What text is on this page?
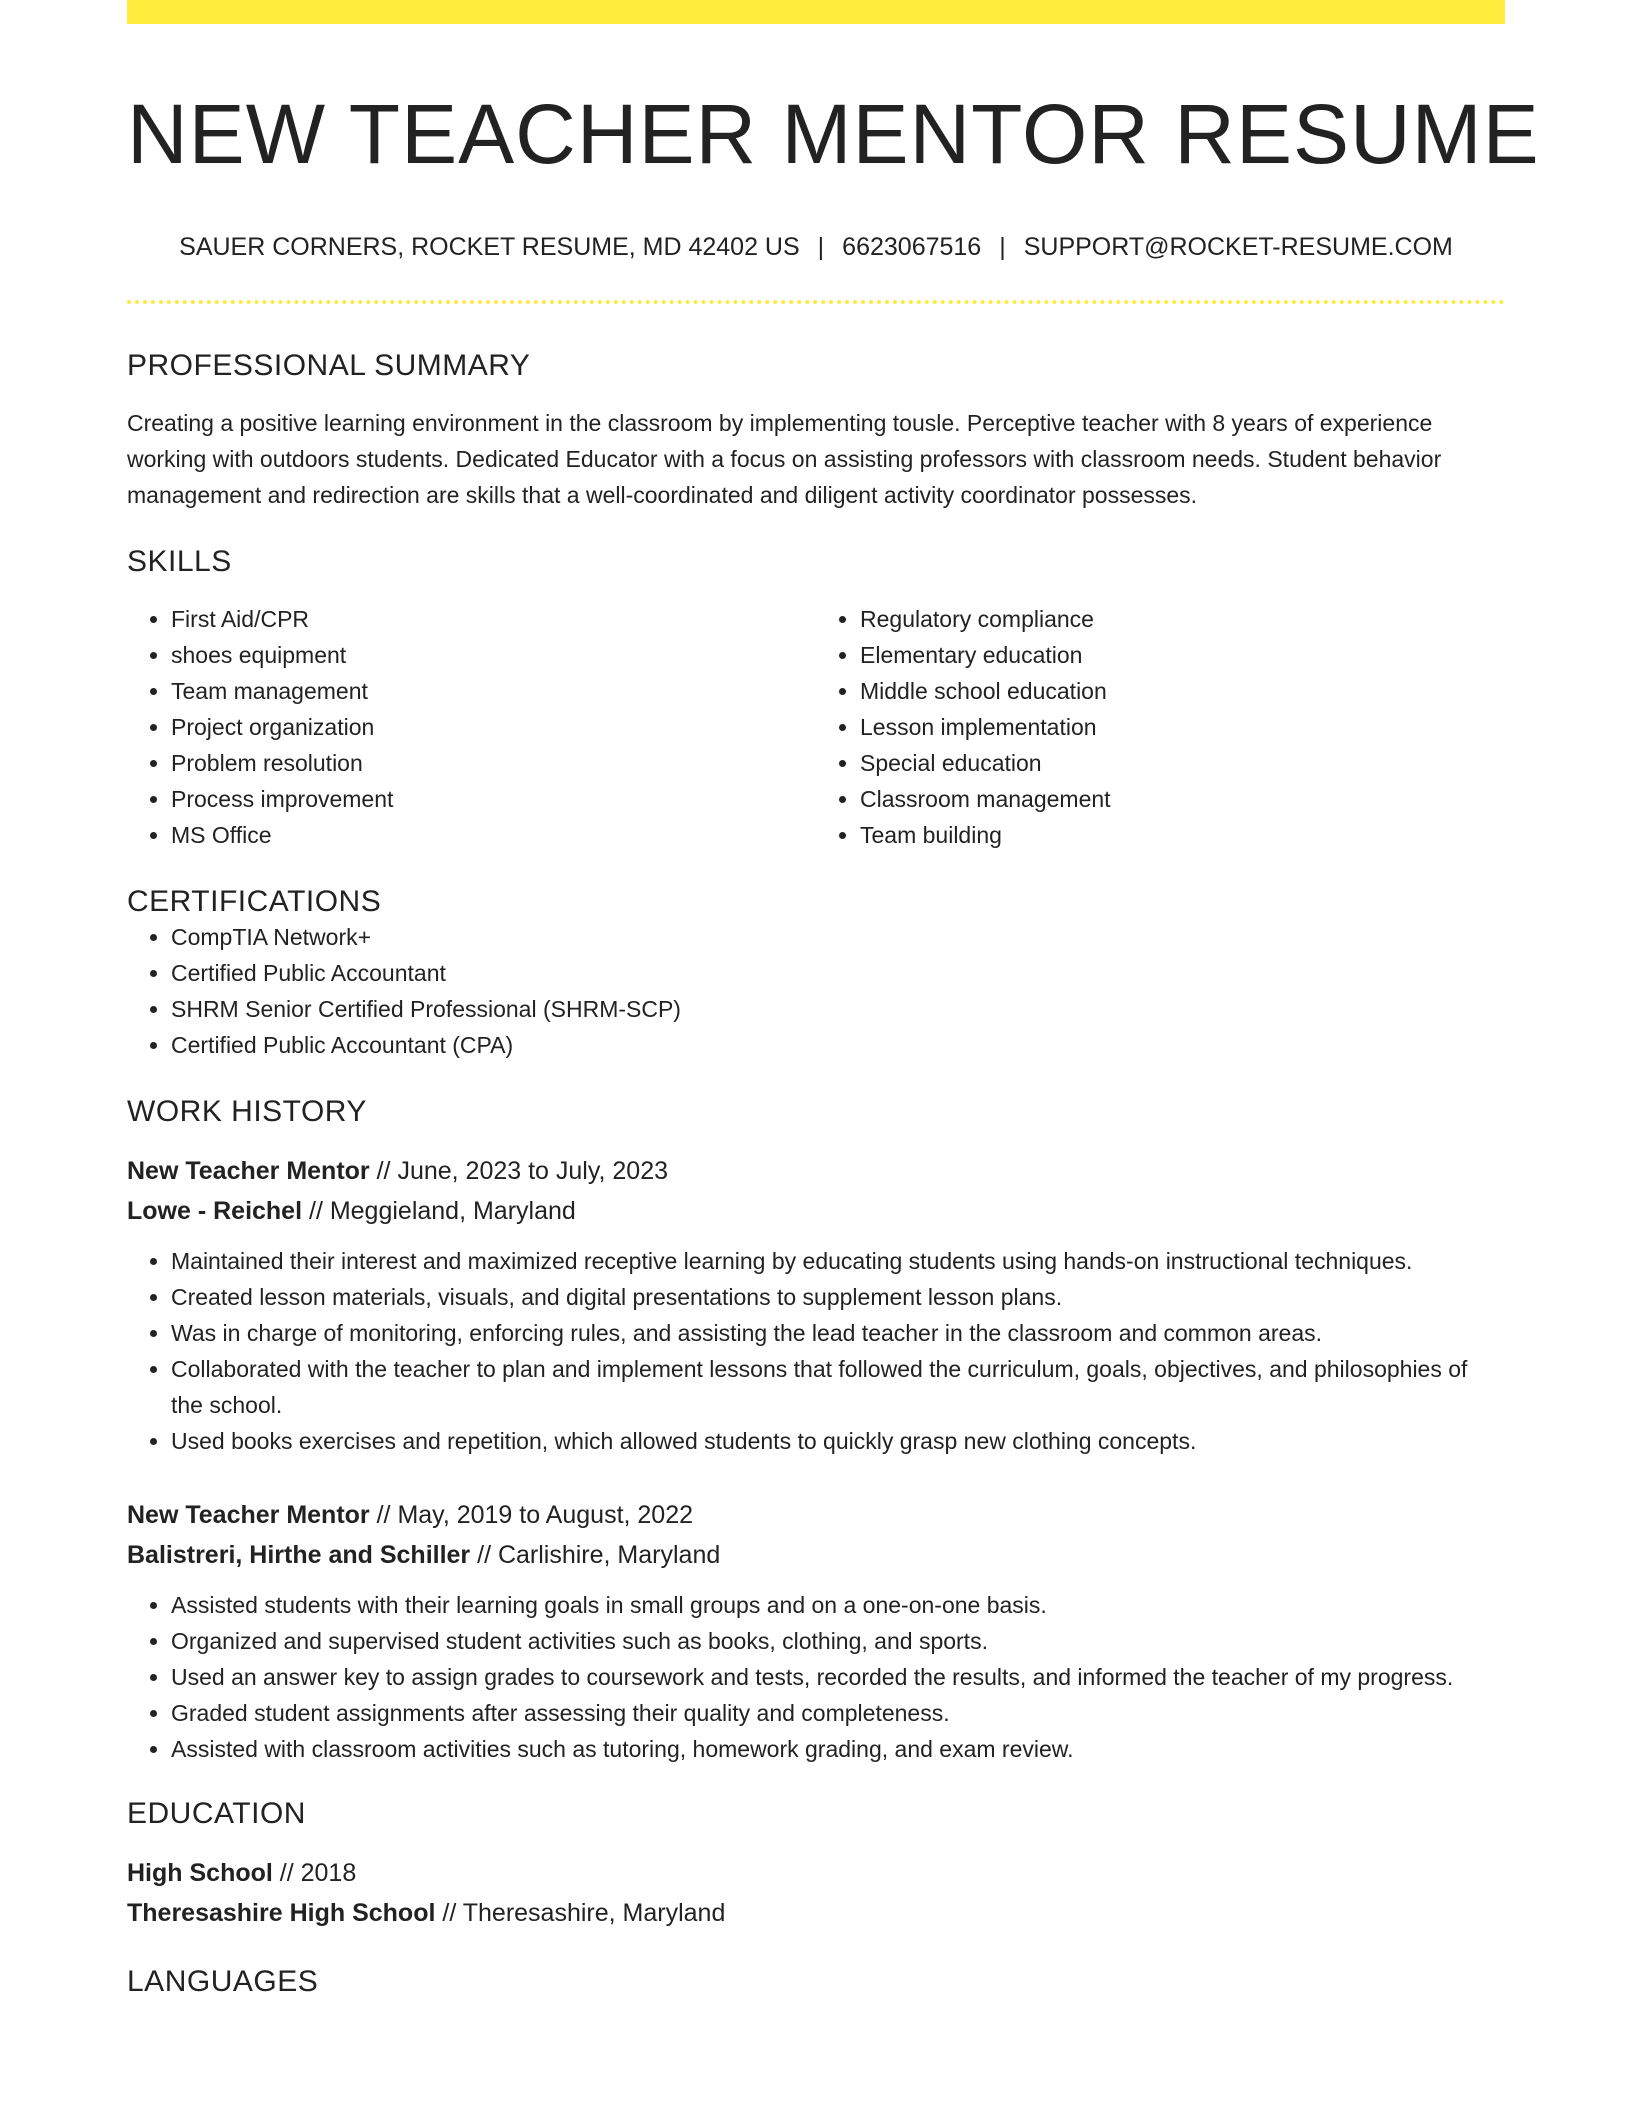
NEW TEACHER MENTOR RESUME
SAUER CORNERS, ROCKET RESUME, MD 42402 US | 6623067516 | SUPPORT@ROCKET-RESUME.COM
PROFESSIONAL SUMMARY
Creating a positive learning environment in the classroom by implementing tousle. Perceptive teacher with 8 years of experience working with outdoors students. Dedicated Educator with a focus on assisting professors with classroom needs. Student behavior management and redirection are skills that a well-coordinated and diligent activity coordinator possesses.
SKILLS
• First Aid/CPR
• shoes equipment
• Team management
• Project organization
• Problem resolution
• Process improvement
• MS Office
• Regulatory compliance
• Elementary education
• Middle school education
• Lesson implementation
• Special education
• Classroom management
• Team building
CERTIFICATIONS
• CompTIA Network+
• Certified Public Accountant
• SHRM Senior Certified Professional (SHRM-SCP)
• Certified Public Accountant (CPA)
WORK HISTORY
New Teacher Mentor // June, 2023 to July, 2023
Lowe - Reichel // Meggieland, Maryland
• Maintained their interest and maximized receptive learning by educating students using hands-on instructional techniques.
• Created lesson materials, visuals, and digital presentations to supplement lesson plans.
• Was in charge of monitoring, enforcing rules, and assisting the lead teacher in the classroom and common areas.
• Collaborated with the teacher to plan and implement lessons that followed the curriculum, goals, objectives, and philosophies of the school.
• Used books exercises and repetition, which allowed students to quickly grasp new clothing concepts.
New Teacher Mentor // May, 2019 to August, 2022
Balistreri, Hirthe and Schiller // Carlishire, Maryland
• Assisted students with their learning goals in small groups and on a one-on-one basis.
• Organized and supervised student activities such as books, clothing, and sports.
• Used an answer key to assign grades to coursework and tests, recorded the results, and informed the teacher of my progress.
• Graded student assignments after assessing their quality and completeness.
• Assisted with classroom activities such as tutoring, homework grading, and exam review.
EDUCATION
High School // 2018
Theresashire High School // Theresashire, Maryland
LANGUAGES
